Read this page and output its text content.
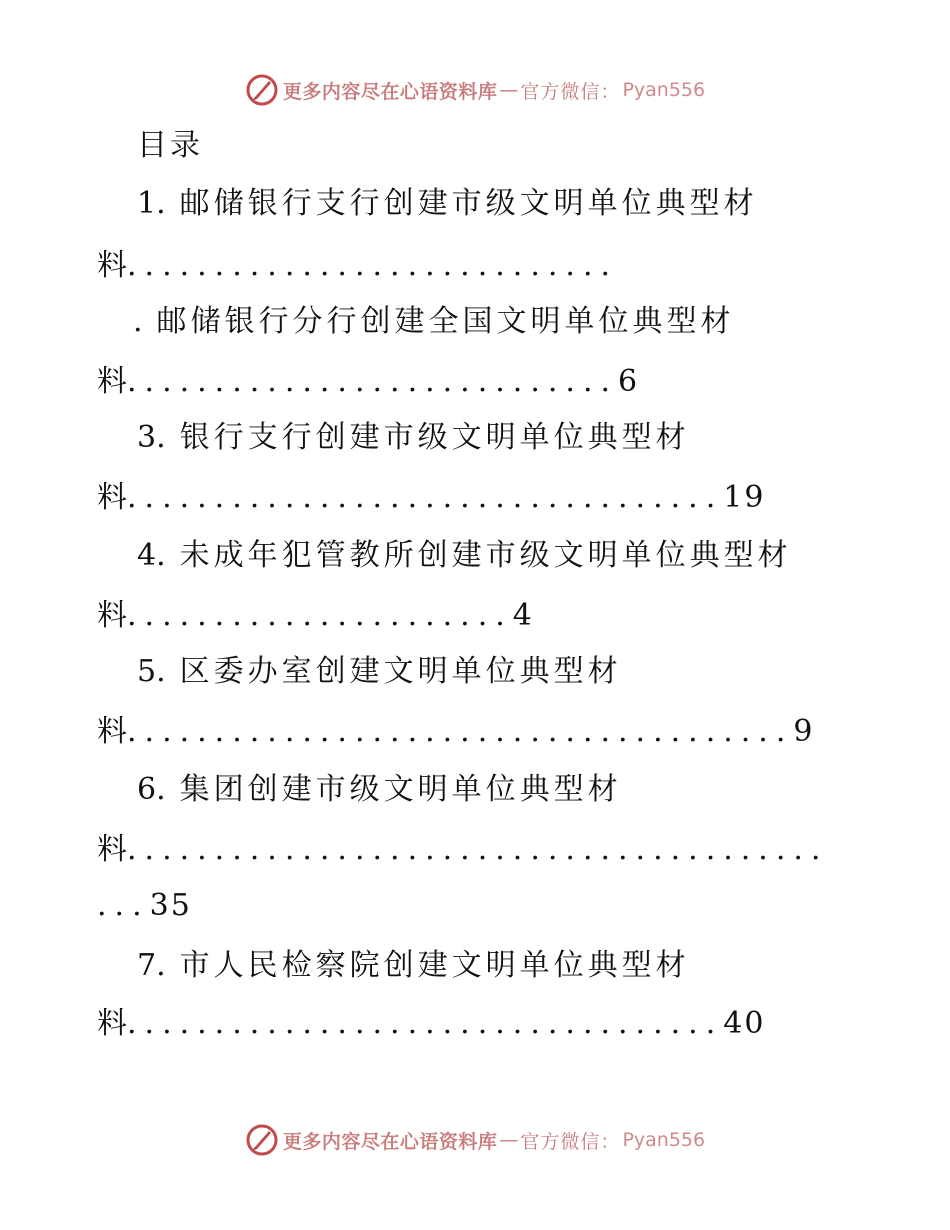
更多内容尽在心语资料库 — 官方微信： Pyan556
目录
1. 邮储银行支行创建市级文明单位典型材
料............................
. 邮储银行分行创建全国文明单位典型材
料............................6
3. 银行支行创建市级文明单位典型材
料..................................19
4. 未成年犯管教所创建市级文明单位典型材
料......................4
5. 区委办室创建文明单位典型材
料......................................9
6. 集团创建市级文明单位典型材
料........................................
...35
7. 市人民检察院创建文明单位典型材
料..................................40
更多内容尽在心语资料库 — 官方微信： Pyan556
